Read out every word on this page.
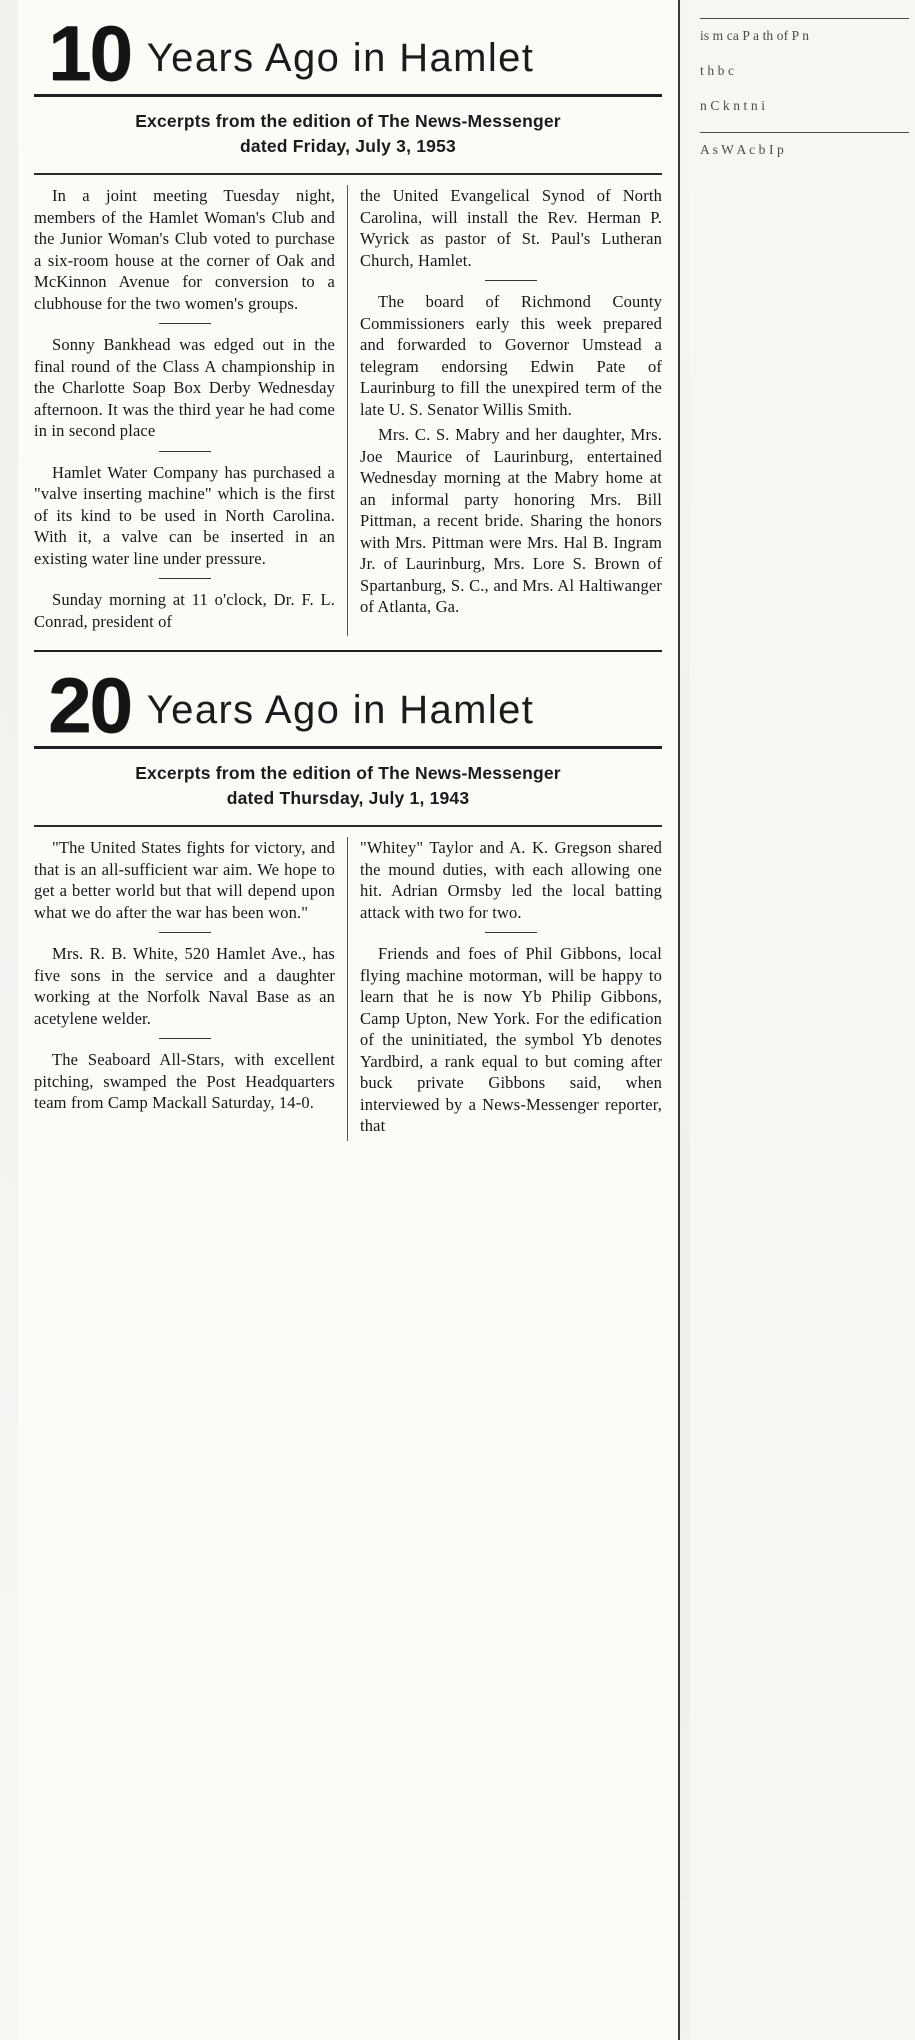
10 Years Ago in Hamlet
Excerpts from the edition of The News-Messenger
dated Friday, July 3, 1953

In a joint meeting Tuesday night, members of the Hamlet Woman's Club and the Junior Woman's Club voted to purchase a six-room house at the corner of Oak and McKinnon Avenue for conversion to a clubhouse for the two women's groups.

Sonny Bankhead was edged out in the final round of the Class A championship in the Charlotte Soap Box Derby Wednesday afternoon. It was the third year he had come in in second place

Hamlet Water Company has purchased a "valve inserting machine" which is the first of its kind to be used in North Carolina. With it, a valve can be inserted in an existing water line under pressure.

Sunday morning at 11 o'clock, Dr. F. L. Conrad, president of

the United Evangelical Synod of North Carolina, will install the Rev. Herman P. Wyrick as pastor of St. Paul's Lutheran Church, Hamlet.

The board of Richmond County Commissioners early this week prepared and forwarded to Governor Umstead a telegram endorsing Edwin Pate of Laurinburg to fill the unexpired term of the late U. S. Senator Willis Smith.

Mrs. C. S. Mabry and her daughter, Mrs. Joe Maurice of Laurinburg, entertained Wednesday morning at the Mabry home at an informal party honoring Mrs. Bill Pittman, a recent bride. Sharing the honors with Mrs. Pittman were Mrs. Hal B. Ingram Jr. of Laurinburg, Mrs. Lore S. Brown of Spartanburg, S. C., and Mrs. Al Haltiwanger of Atlanta, Ga.

20 Years Ago in Hamlet
Excerpts from the edition of The News-Messenger
dated Thursday, July 1, 1943

"The United States fights for victory, and that is an all-sufficient war aim. We hope to get a better world but that will depend upon what we do after the war has been won."

Mrs. R. B. White, 520 Hamlet Ave., has five sons in the service and a daughter working at the Norfolk Naval Base as an acetylene welder.

The Seaboard All-Stars, with excellent pitching, swamped the Post Headquarters team from Camp Mackall Saturday, 14-0.

"Whitey" Taylor and A. K. Gregson shared the mound duties, with each allowing one hit. Adrian Ormsby led the local batting attack with two for two.

Friends and foes of Phil Gibbons, local flying machine motorman, will be happy to learn that he is now Yb Philip Gibbons, Camp Upton, New York. For the edification of the uninitiated, the symbol Yb denotes Yardbird, a rank equal to but coming after buck private Gibbons said, when interviewed by a News-Messenger reporter, that

is m ca P a th of P n
t h b c
n C k n t n i
A s W A c b I p
